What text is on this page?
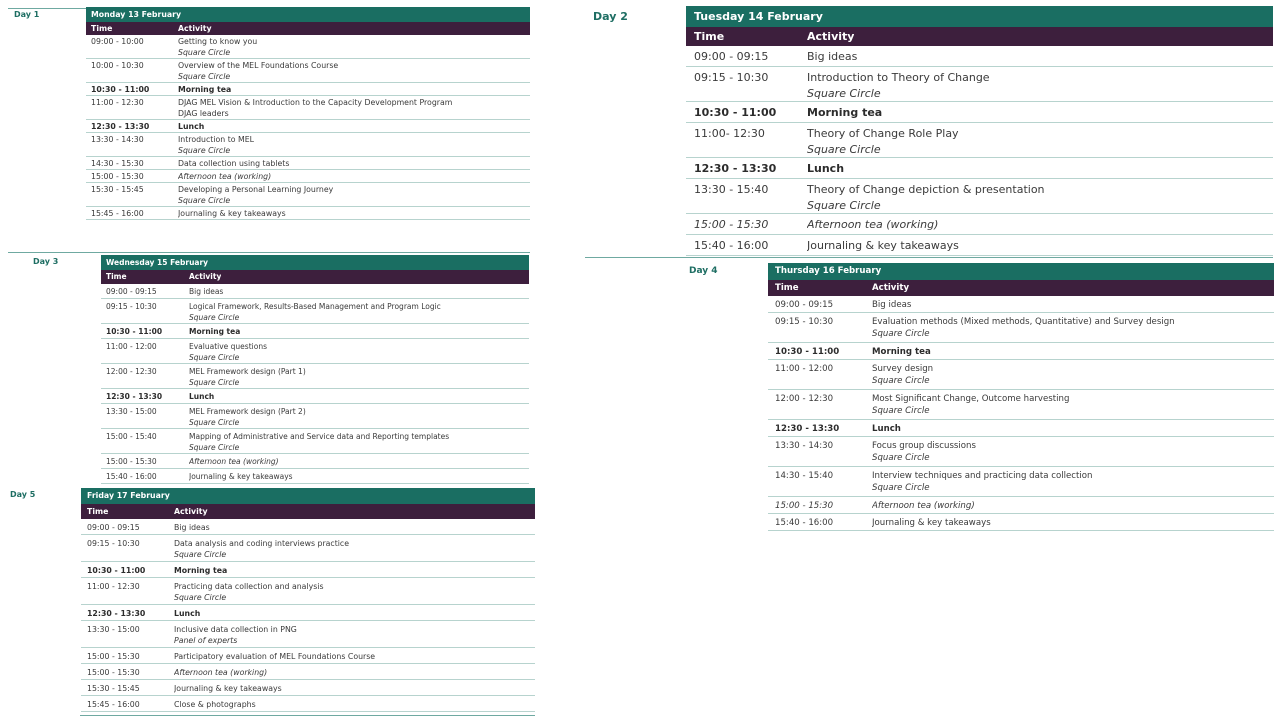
Day 1	Day 2
Day 3
Day 4
Day 5
Monday 13 February
Time	Activity
09:00 - 10:00	Getting to know you
Square Circle
10:00 - 10:30	Overview of the MEL Foundations Course
Square Circle
10:30 - 11:00	Morning tea
11:00 - 12:30	DJAG MEL Vision & Introduction to the Capacity Development Program
DJAG leaders
12:30 - 13:30	Lunch
13:30 - 14:30	Introduction to MEL
Square Circle
14:30 - 15:30	Data collection using tablets
15:00 - 15:30	Afternoon tea (working)
15:30 - 15:45	Developing a Personal Learning Journey
Square Circle
15:45 - 16:00	Journaling & key takeaways
Tuesday 14 February
Time	Activity
09:00 - 09:15	Big ideas
09:15 - 10:30	Introduction to Theory of Change
Square Circle
10:30 - 11:00	Morning tea
11:00- 12:30	Theory of Change Role Play
Square Circle
12:30 - 13:30	Lunch
13:30 - 15:40	Theory of Change depiction & presentation
Square Circle
15:00 - 15:30	Afternoon tea (working)
15:40 - 16:00	Journaling & key takeaways
Wednesday 15 February
Time	Activity
09:00 - 09:15	Big ideas
09:15 - 10:30	Logical Framework, Results-Based Management and Program Logic
Square Circle
10:30 - 11:00	Morning tea
11:00 - 12:00	Evaluative questions
Square Circle
12:00 - 12:30	MEL Framework design (Part 1)
Square Circle
12:30 - 13:30	Lunch
13:30 - 15:00	MEL Framework design (Part 2)
Square Circle
15:00 - 15:40	Mapping of Administrative and Service data and Reporting templates
Square Circle
15:00 - 15:30	Afternoon tea (working)
15:40 - 16:00	Journaling & key takeaways
Thursday 16 February
Time	Activity
09:00 - 09:15	Big ideas
09:15 - 10:30	Evaluation methods (Mixed methods, Quantitative) and Survey design
Square Circle
10:30 - 11:00	Morning tea
11:00 - 12:00	Survey design
Square Circle
12:00 - 12:30	Most Significant Change, Outcome harvesting
Square Circle
12:30 - 13:30	Lunch
13:30 - 14:30	Focus group discussions
Square Circle
14:30 - 15:40	Interview techniques and practicing data collection
Square Circle
15:00 - 15:30	Afternoon tea (working)
15:40 - 16:00	Journaling & key takeaways
Friday 17 February
Time	Activity
09:00 - 09:15	Big ideas
09:15 - 10:30	Data analysis and coding interviews practice
Square Circle
10:30 - 11:00	Morning tea
11:00 - 12:30	Practicing data collection and analysis
Square Circle
12:30 - 13:30	Lunch
13:30 - 15:00	Inclusive data collection in PNG
Panel of experts
15:00 - 15:30	Participatory evaluation of MEL Foundations Course
15:00 - 15:30	Afternoon tea (working)
15:30 - 15:45	Journaling & key takeaways
15:45 - 16:00	Close & photographs
